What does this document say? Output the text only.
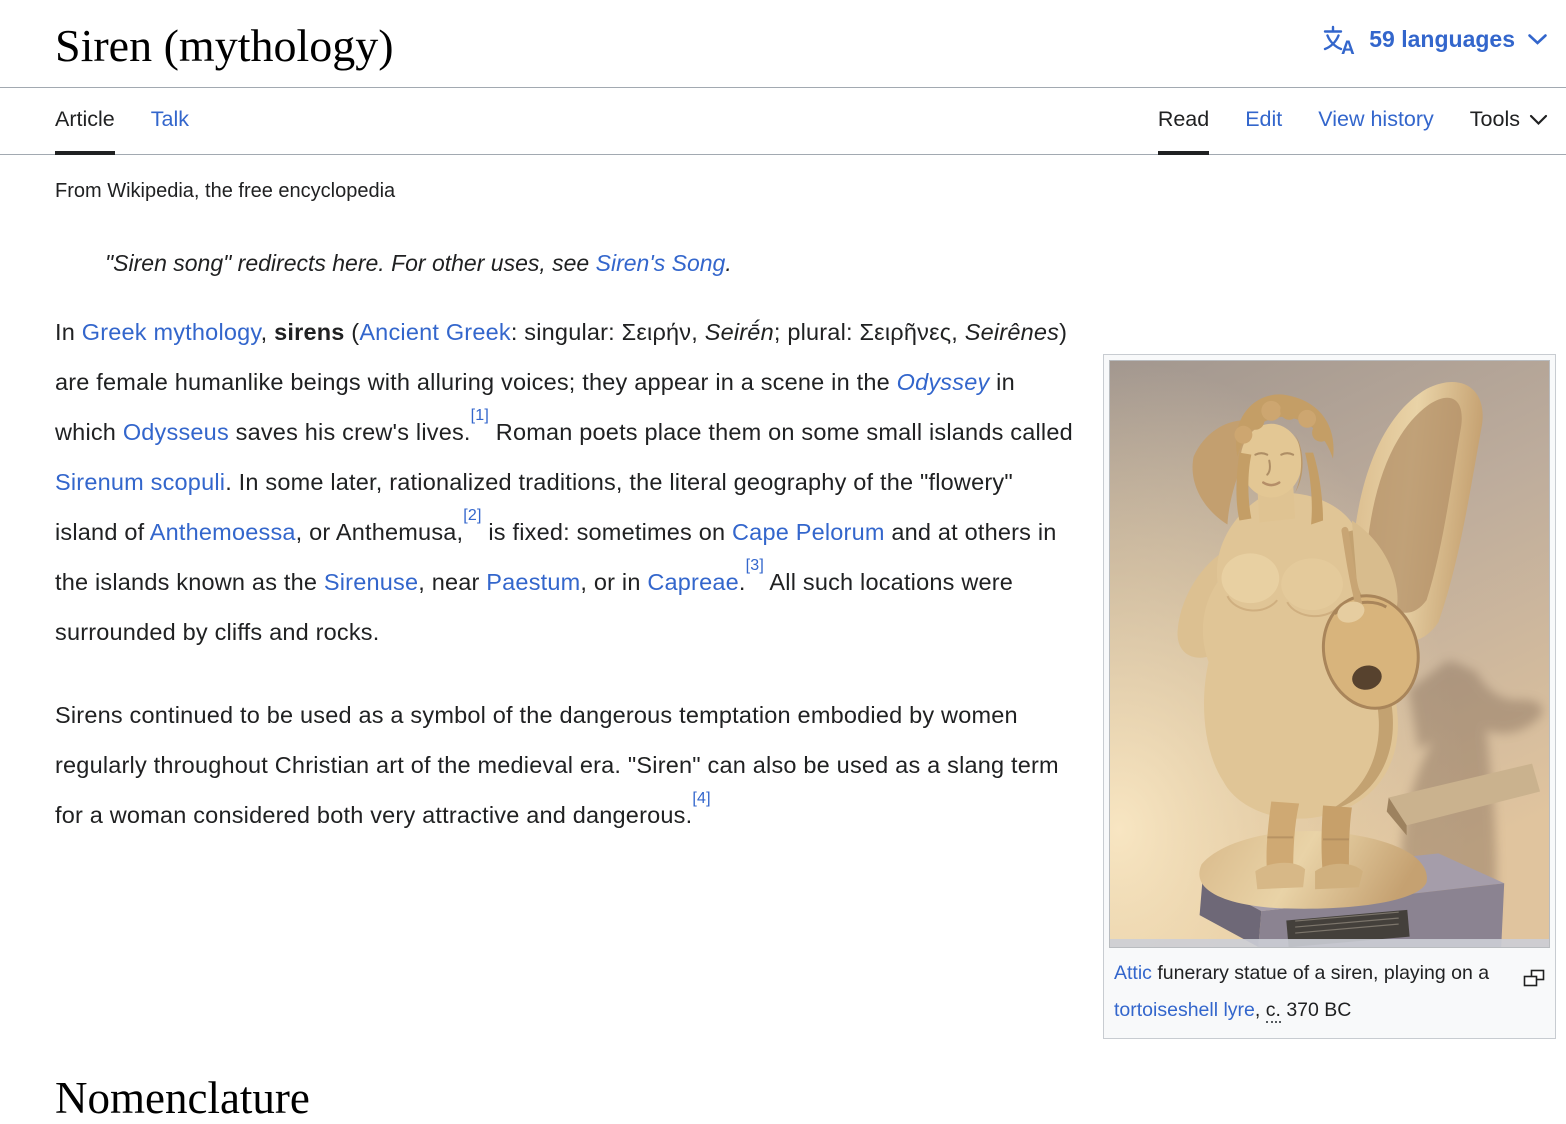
Siren (mythology)	A 59 languages
Article Talk	Read Edit View history Tools
From Wikipedia, the free encyclopedia
"Siren song" redirects here. For other uses, see Siren's Song.
Attic funerary statue of a siren, playing on a tortoiseshell lyre, c. 370 BC

In Greek mythology, sirens (Ancient Greek: singular: Σειρήν, Seirḗn; plural: Σειρῆνες, Seirênes) are female humanlike beings with alluring voices; they appear in a scene in the Odyssey in which Odysseus saves his crew's lives.[1] Roman poets place them on some small islands called Sirenum scopuli. In some later, rationalized traditions, the literal geography of the "flowery" island of Anthemoessa, or Anthemusa,[2] is fixed: sometimes on Cape Pelorum and at others in the islands known as the Sirenuse, near Paestum, or in Capreae.[3] All such locations were surrounded by cliffs and rocks.

Sirens continued to be used as a symbol of the dangerous temptation embodied by women regularly throughout Christian art of the medieval era. "Siren" can also be used as a slang term for a woman considered both very attractive and dangerous.[4]

Nomenclature
